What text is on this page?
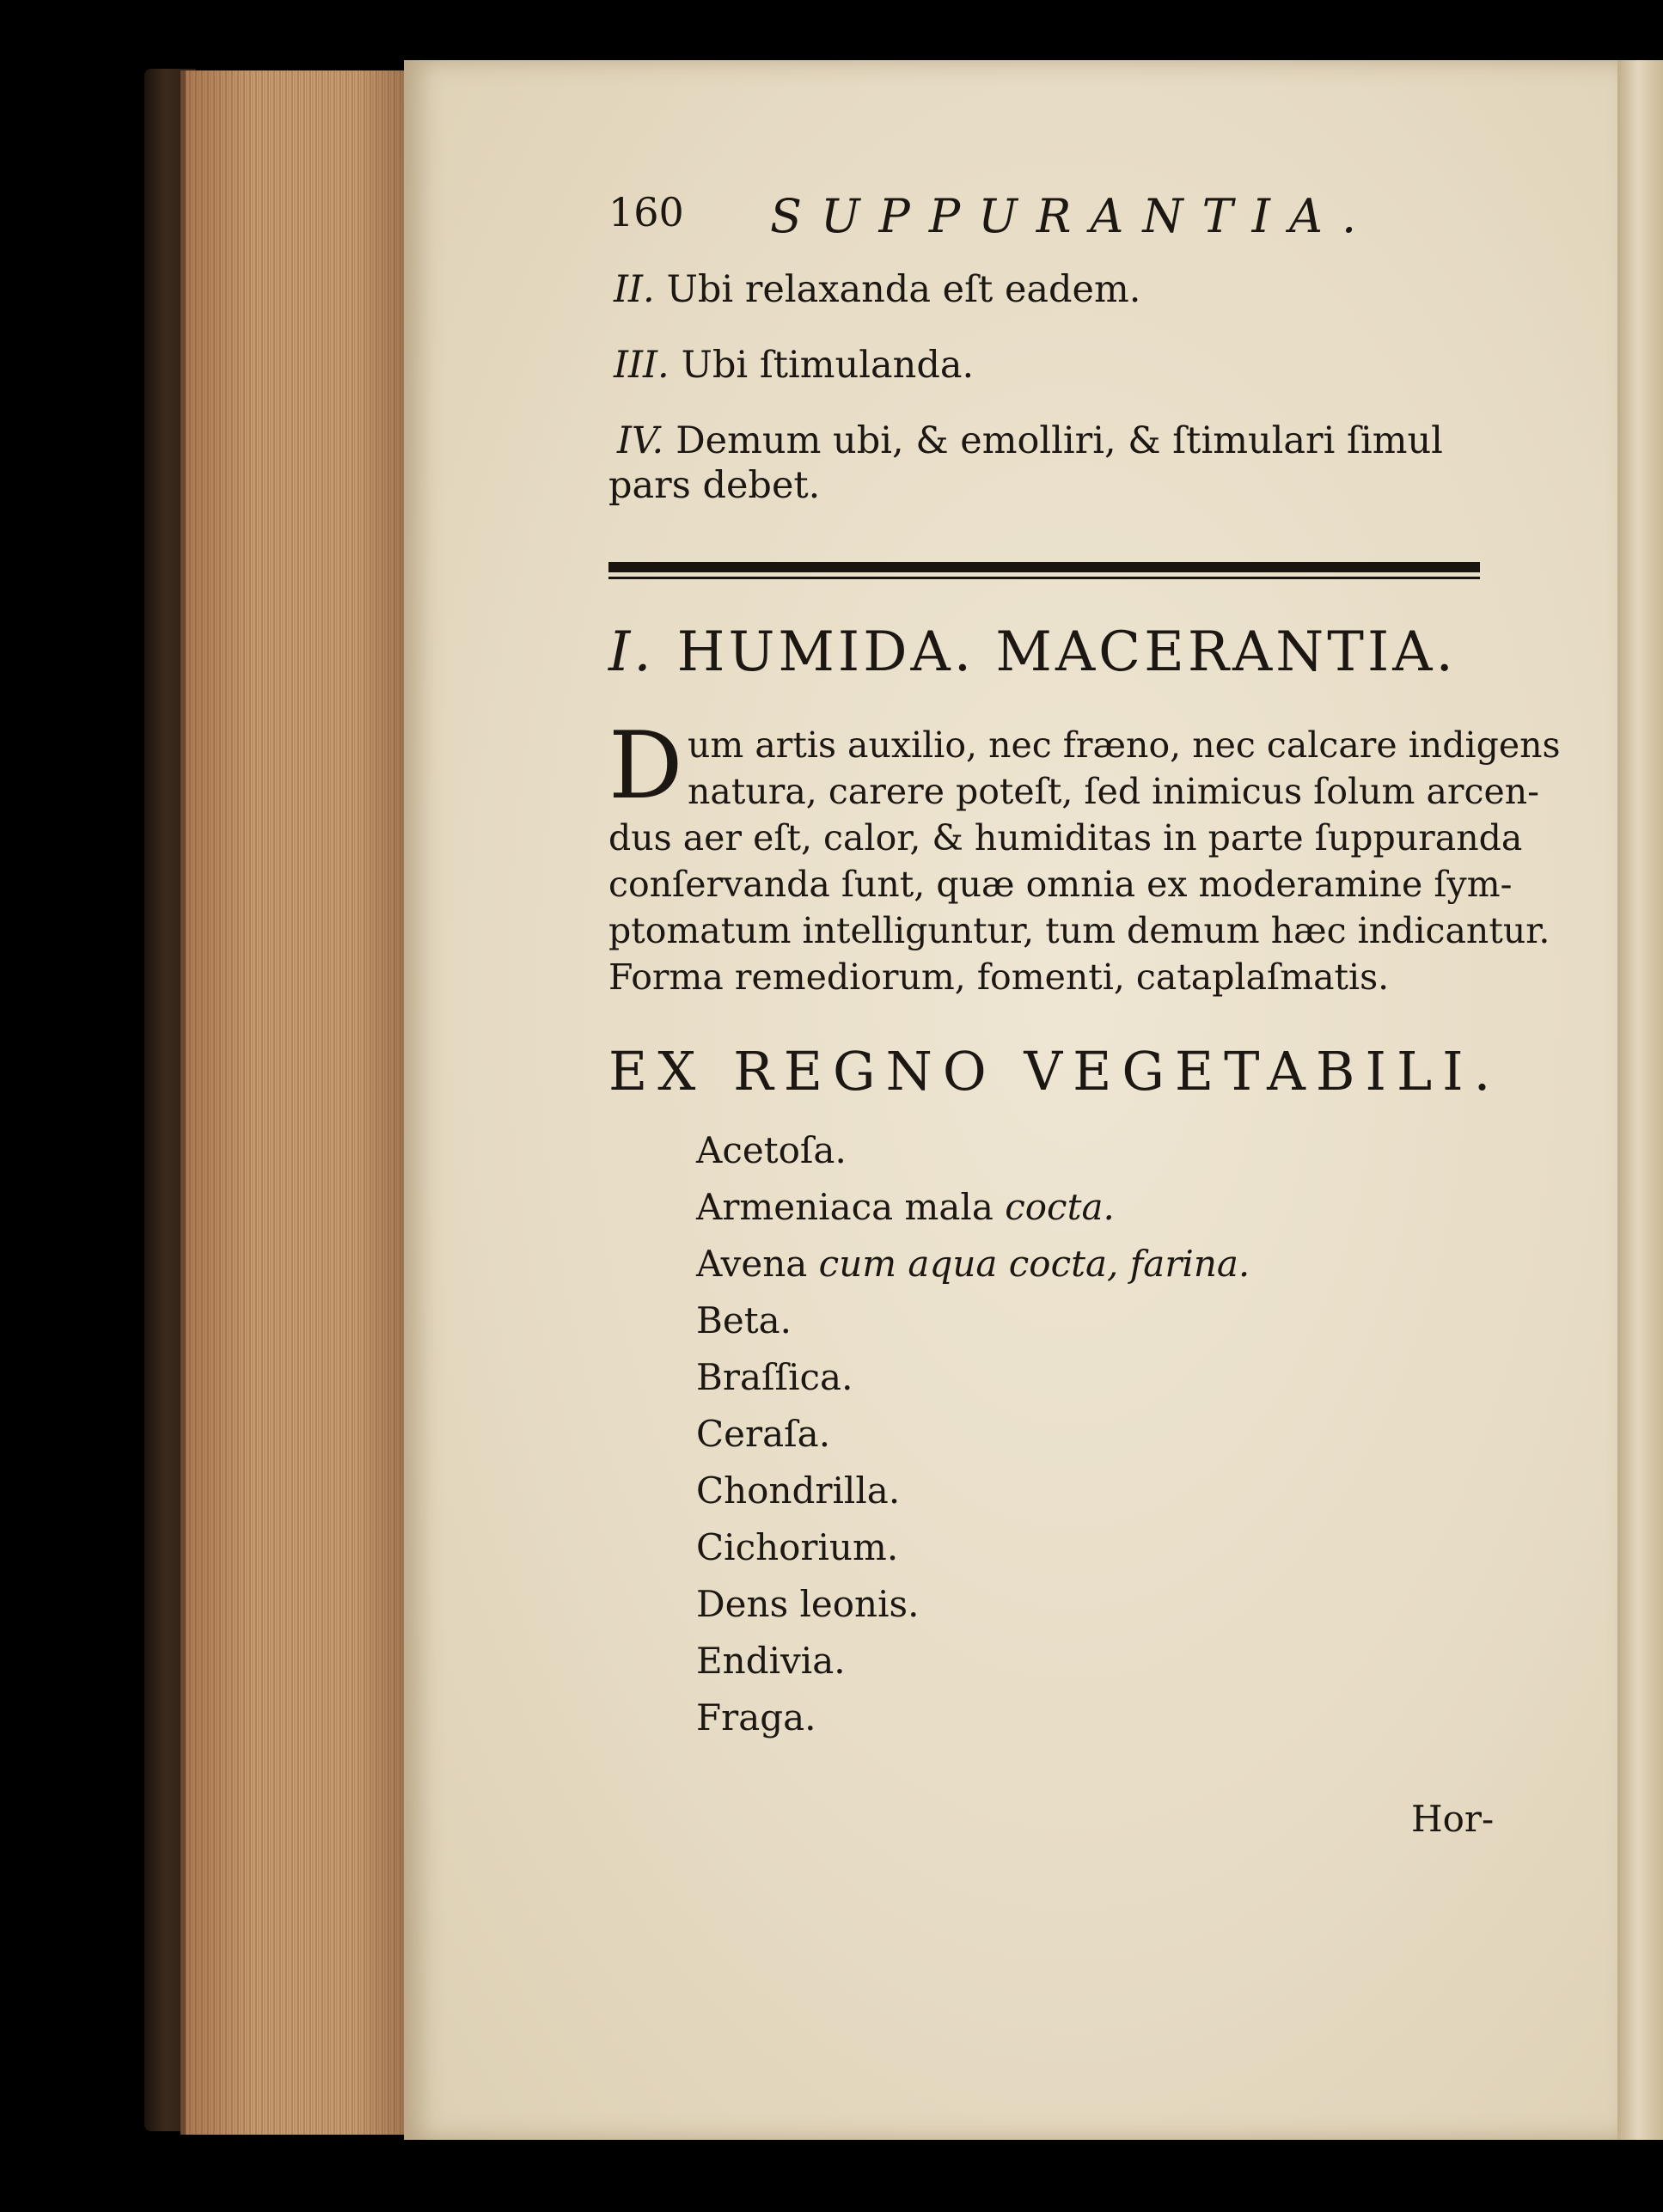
160 SUPPURANTIA.
II. Ubi relaxanda eſt eadem.
III. Ubi ſtimulanda.
IV. Demum ubi, & emolliri, & ſtimulari ſimul
pars debet.
I. HUMIDA. MACERANTIA.
D um artis auxilio, nec fræno, nec calcare indigens
natura, carere poteſt, ſed inimicus ſolum arcen-
dus aer eſt, calor, & humiditas in parte ſuppuranda
conſervanda ſunt, quæ omnia ex moderamine ſym-
ptomatum intelliguntur, tum demum hæc indicantur.
Forma remediorum, fomenti, cataplaſmatis.
EX REGNO VEGETABILI.
Acetoſa.
Armeniaca mala cocta.
Avena cum aqua cocta, farina.
Beta.
Braſſica.
Ceraſa.
Chondrilla.
Cichorium.
Dens leonis.
Endivia.
Fraga.
Hor-
